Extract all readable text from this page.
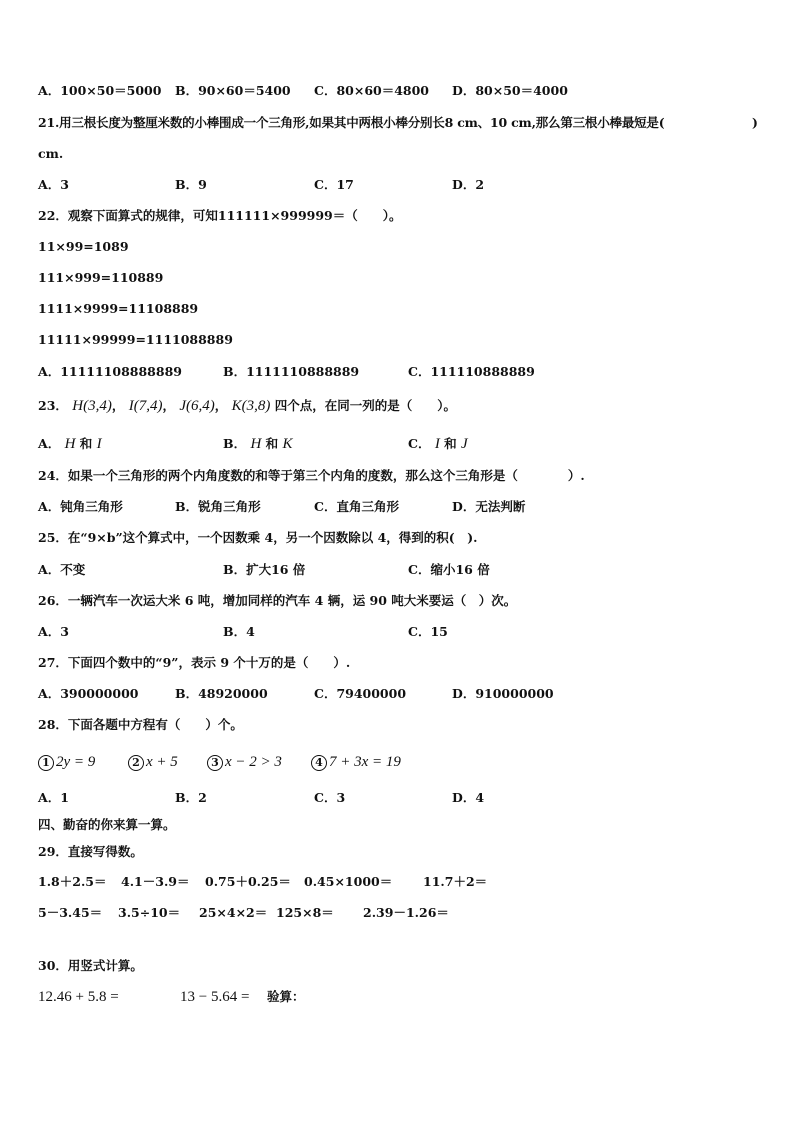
A．100×50＝5000 B．90×60＝5400 C．80×60＝4800 D．80×50＝4000
21.用三根长度为整厘米数的小棒围成一个三角形,如果其中两根小棒分别长8 cm、10 cm,那么第三根小棒最短是(	)
cm.
A．3	B．9	C．17	D．2
22．观察下面算式的规律，可知111111×999999＝（　　）。
11×99=1089
111×999=110889
1111×9999=11108889
11111×99999=1111088889
A．11111108888889	B．1111110888889	C．111110888889
23． H(3,4)， I(7,4)， J(6,4)， K(3,8) 四个点，在同一列的是（　　）。
A． H 和 I	B． H 和 K	C． I 和 J
24．如果一个三角形的两个内角度数的和等于第三个内角的度数，那么这个三角形是（　　　　）.
A．钝角三角形	B．锐角三角形	C．直角三角形	D．无法判断
25．在“9×b”这个算式中，一个因数乘 4，另一个因数除以 4，得到的积(　).
A．不变	B．扩大16 倍	C．缩小16 倍
26．一辆汽车一次运大米 6 吨，增加同样的汽车 4 辆，运 90 吨大米要运（　）次。
A．3	B．4	C．15
27．下面四个数中的“9”，表示 9 个十万的是（　　）.
A．390000000	B．48920000	C．79400000	D．910000000
28．下面各题中方程有（　　）个。
1 2y = 9	2 x + 5	3 x − 2 > 3	4 7 + 3x = 19
A．1	B．2	C．3	D．4
四、勤奋的你来算一算。
29．直接写得数。
1.8＋2.5＝ 4.1－3.9＝ 0.75＋0.25＝ 0.45×1000＝ 11.7＋2＝
5－3.45＝ 3.5÷10＝ 25×4×2＝ 125×8＝ 2.39－1.26＝
30．用竖式计算。
12.46 + 5.8 =	13 − 5.64 = 验算：
